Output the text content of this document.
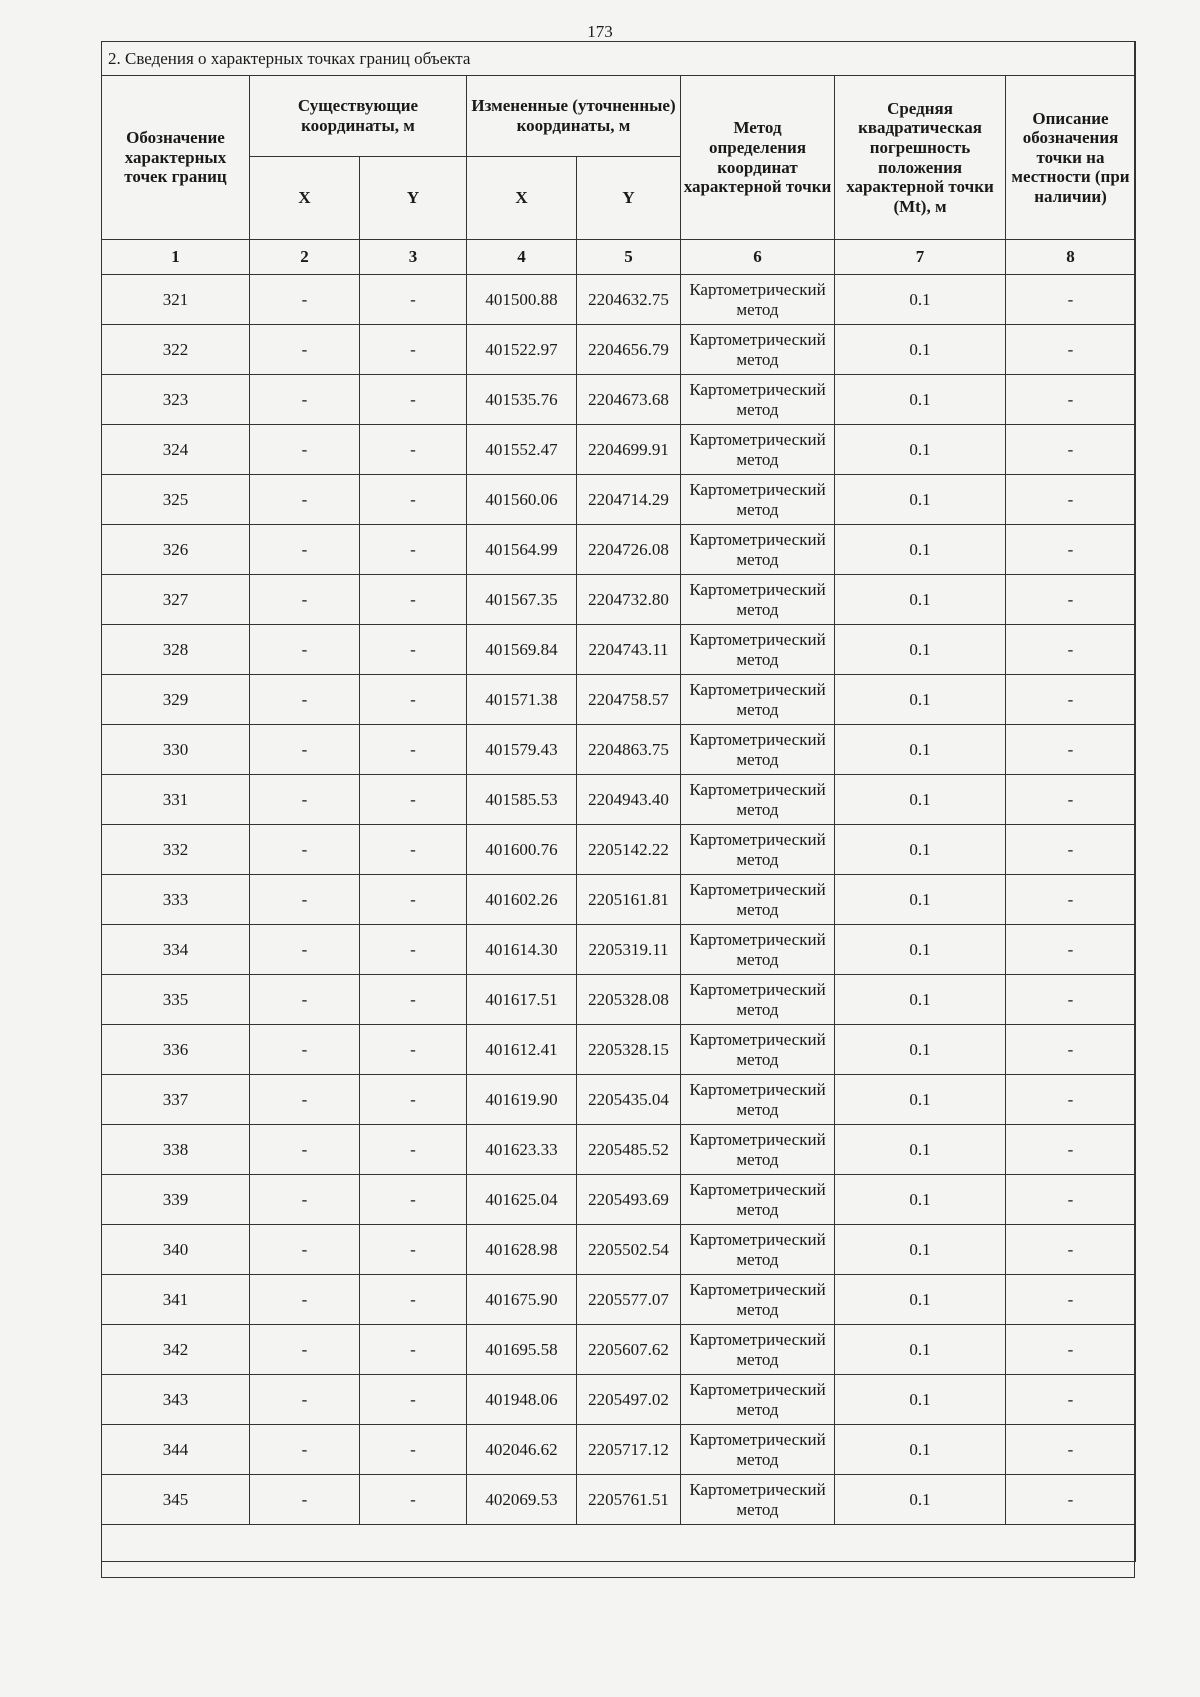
173
2. Сведения о характерных точках границ объекта							
Обозначение характерных точек границ	Существующие координаты, м		Измененные (уточненные) координаты, м		Метод определения координат характерной точки	Средняя квадратическая погрешность положения характерной точки (Mt), м	Описание обозначения точки на местности (при наличии)
	X	Y	X	Y			
1	2	3	4	5	6	7	8
321	-	-	401500.88	2204632.75	Картометрический метод	0.1	-
322	-	-	401522.97	2204656.79	Картометрический метод	0.1	-
323	-	-	401535.76	2204673.68	Картометрический метод	0.1	-
324	-	-	401552.47	2204699.91	Картометрический метод	0.1	-
325	-	-	401560.06	2204714.29	Картометрический метод	0.1	-
326	-	-	401564.99	2204726.08	Картометрический метод	0.1	-
327	-	-	401567.35	2204732.80	Картометрический метод	0.1	-
328	-	-	401569.84	2204743.11	Картометрический метод	0.1	-
329	-	-	401571.38	2204758.57	Картометрический метод	0.1	-
330	-	-	401579.43	2204863.75	Картометрический метод	0.1	-
331	-	-	401585.53	2204943.40	Картометрический метод	0.1	-
332	-	-	401600.76	2205142.22	Картометрический метод	0.1	-
333	-	-	401602.26	2205161.81	Картометрический метод	0.1	-
334	-	-	401614.30	2205319.11	Картометрический метод	0.1	-
335	-	-	401617.51	2205328.08	Картометрический метод	0.1	-
336	-	-	401612.41	2205328.15	Картометрический метод	0.1	-
337	-	-	401619.90	2205435.04	Картометрический метод	0.1	-
338	-	-	401623.33	2205485.52	Картометрический метод	0.1	-
339	-	-	401625.04	2205493.69	Картометрический метод	0.1	-
340	-	-	401628.98	2205502.54	Картометрический метод	0.1	-
341	-	-	401675.90	2205577.07	Картометрический метод	0.1	-
342	-	-	401695.58	2205607.62	Картометрический метод	0.1	-
343	-	-	401948.06	2205497.02	Картометрический метод	0.1	-
344	-	-	402046.62	2205717.12	Картометрический метод	0.1	-
345	-	-	402069.53	2205761.51	Картометрический метод	0.1	-
